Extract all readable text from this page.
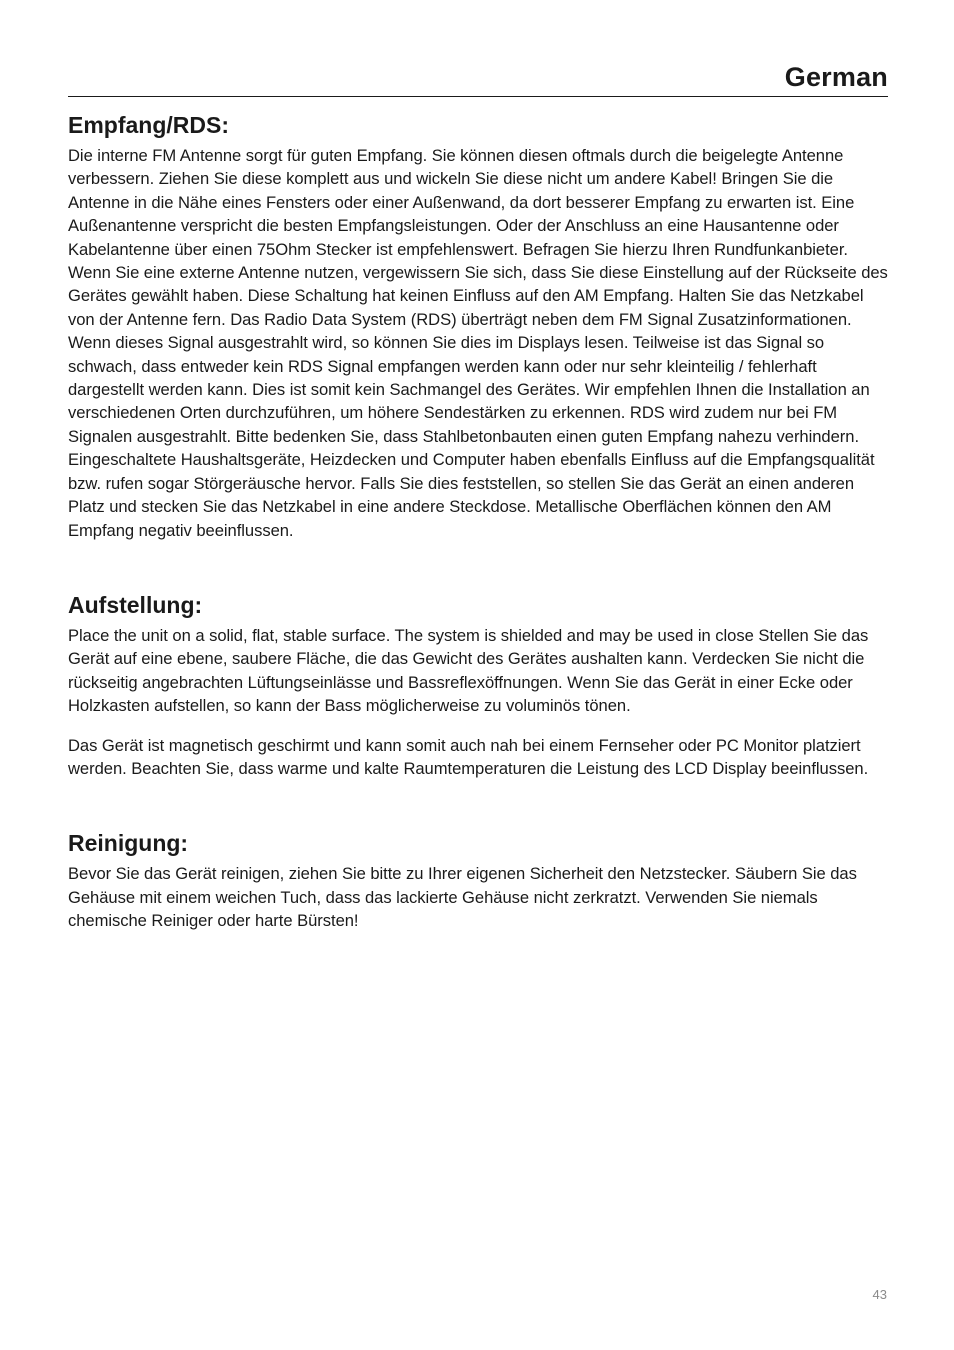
German
Empfang/RDS:

Die interne FM Antenne sorgt für guten Empfang. Sie können diesen oftmals durch die beigelegte Antenne verbessern. Ziehen Sie diese komplett aus und wickeln Sie diese nicht um andere Kabel! Bringen Sie die Antenne in die Nähe eines Fensters oder einer Außenwand, da dort besserer Empfang zu erwarten ist. Eine Außenantenne verspricht die besten Empfangsleistungen. Oder der Anschluss an eine Hausantenne oder Kabelantenne über einen 75Ohm Stecker ist empfehlenswert. Befragen Sie hierzu Ihren Rundfunkanbieter. Wenn Sie eine externe Antenne nutzen, vergewissern Sie sich, dass Sie diese Einstellung auf der Rückseite des Gerätes gewählt haben. Diese Schaltung hat keinen Einfluss auf den AM Empfang. Halten Sie das Netzkabel von der Antenne fern. Das Radio Data System (RDS) überträgt neben dem FM Signal Zusatzinformationen. Wenn dieses Signal ausgestrahlt wird, so können Sie dies im Displays lesen. Teilweise ist das Signal so schwach, dass entweder kein RDS Signal empfangen werden kann oder nur sehr kleinteilig / fehlerhaft dargestellt werden kann. Dies ist somit kein Sachmangel des Gerätes. Wir empfehlen Ihnen die Installation an verschiedenen Orten durchzuführen, um höhere Sendestärken zu erkennen. RDS wird zudem nur bei FM Signalen ausgestrahlt. Bitte bedenken Sie, dass Stahlbetonbauten einen guten Empfang nahezu verhindern. Eingeschaltete Haushaltsgeräte, Heizdecken und Computer haben ebenfalls Einfluss auf die Empfangsqualität bzw. rufen sogar Störgeräusche hervor. Falls Sie dies feststellen, so stellen Sie das Gerät an einen anderen Platz und stecken Sie das Netzkabel in eine andere Steckdose. Metallische Oberflächen können den AM Empfang negativ beeinflussen.

Aufstellung:

Place the unit on a solid, flat, stable surface. The system is shielded and may be used in close Stellen Sie das Gerät auf eine ebene, saubere Fläche, die das Gewicht des Gerätes aushalten kann. Verdecken Sie nicht die rückseitig angebrachten Lüftungseinlässe und Bassreflexöffnungen. Wenn Sie das Gerät in einer Ecke oder Holzkasten aufstellen, so kann der Bass möglicherweise zu voluminös tönen.

Das Gerät ist magnetisch geschirmt und kann somit auch nah bei einem Fernseher oder PC Monitor platziert werden. Beachten Sie, dass warme und kalte Raumtemperaturen die Leistung des LCD Display beeinflussen.

Reinigung:

Bevor Sie das Gerät reinigen, ziehen Sie bitte zu Ihrer eigenen Sicherheit den Netzstecker. Säubern Sie das Gehäuse mit einem weichen Tuch, dass das lackierte Gehäuse nicht zerkratzt. Verwenden Sie niemals chemische Reiniger oder harte Bürsten!

43
